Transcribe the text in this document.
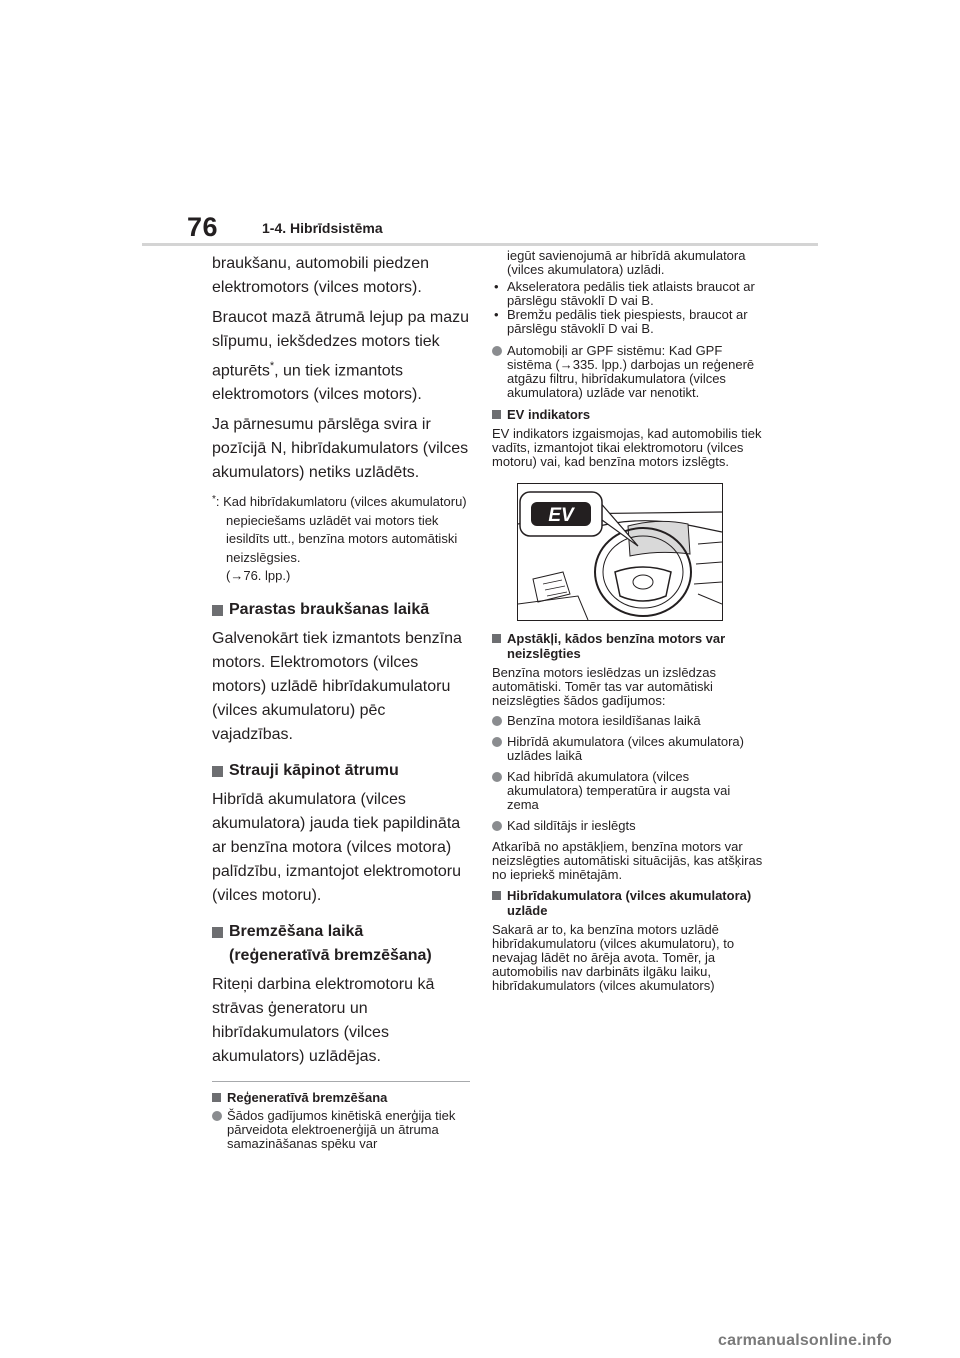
76	1-4. Hibrīdsistēma

braukšanu, automobili piedzen elektromotors (vilces motors).

Braucot mazā ātrumā lejup pa mazu slīpumu, iekšdedzes motors tiek apturēts*, un tiek izmantots elektromotors (vilces motors).

Ja pārnesumu pārslēga svira ir pozīcijā N, hibrīdakumulators (vilces akumulators) netiks uzlādēts.

*: Kad hibrīdakumlatoru (vilces akumulatoru) nepieciešams uzlādēt vai motors tiek iesildīts utt., benzīna motors automātiski neizslēgsies.
(→76. lpp.)

Parastas braukšanas laikā

Galvenokārt tiek izmantots benzīna motors. Elektromotors (vilces motors) uzlādē hibrīdakumulatoru (vilces akumulatoru) pēc vajadzības.

Strauji kāpinot ātrumu

Hibrīdā akumulatora (vilces akumulatora) jauda tiek papildināta ar benzīna motora (vilces motora) palīdzību, izmantojot elektromotoru (vilces motoru).

Bremzēšana laikā
(reģeneratīvā bremzēšana)

Riteņi darbina elektromotoru kā strāvas ģeneratoru un hibrīdakumulators (vilces akumulators) uzlādējas.

Reģeneratīvā bremzēšana
Šādos gadījumos kinētiskā enerģija tiek pārveidota elektroenerģijā un ātruma samazināšanas spēku var

iegūt savienojumā ar hibrīdā akumulatora (vilces akumulatora) uzlādi.

• Akseleratora pedālis tiek atlaists braucot ar pārslēgu stāvoklī D vai B.
• Bremžu pedālis tiek piespiests, braucot ar pārslēgu stāvoklī D vai B.
Automobiļi ar GPF sistēmu: Kad GPF sistēma (→335. lpp.) darbojas un reģenerē atgāzu filtru, hibrīdakumulatora (vilces akumulatora) uzlāde var nenotikt.
EV indikators

EV indikators izgaismojas, kad automobilis tiek vadīts, izmantojot tikai elektromotoru (vilces motoru) vai, kad benzīna motors izslēgts.

EV
Apstākļi, kādos benzīna motors var neizslēgties

Benzīna motors ieslēdzas un izslēdzas automātiski. Tomēr tas var automātiski neizslēgties šādos gadījumos:

Benzīna motora iesildīšanas laikā
Hibrīdā akumulatora (vilces akumulatora) uzlādes laikā
Kad hibrīdā akumulatora (vilces akumulatora) temperatūra ir augsta vai zema
Kad sildītājs ir ieslēgts

Atkarībā no apstākļiem, benzīna motors var neizslēgties automātiski situācijās, kas atšķiras no iepriekš minētajām.

Hibrīdakumulatora (vilces akumulatora) uzlāde

Sakarā ar to, ka benzīna motors uzlādē hibrīdakumulatoru (vilces akumulatoru), to nevajag lādēt no ārēja avota. Tomēr, ja automobilis nav darbināts ilgāku laiku, hibrīdakumulators (vilces akumulators)

carmanualsonline.info
